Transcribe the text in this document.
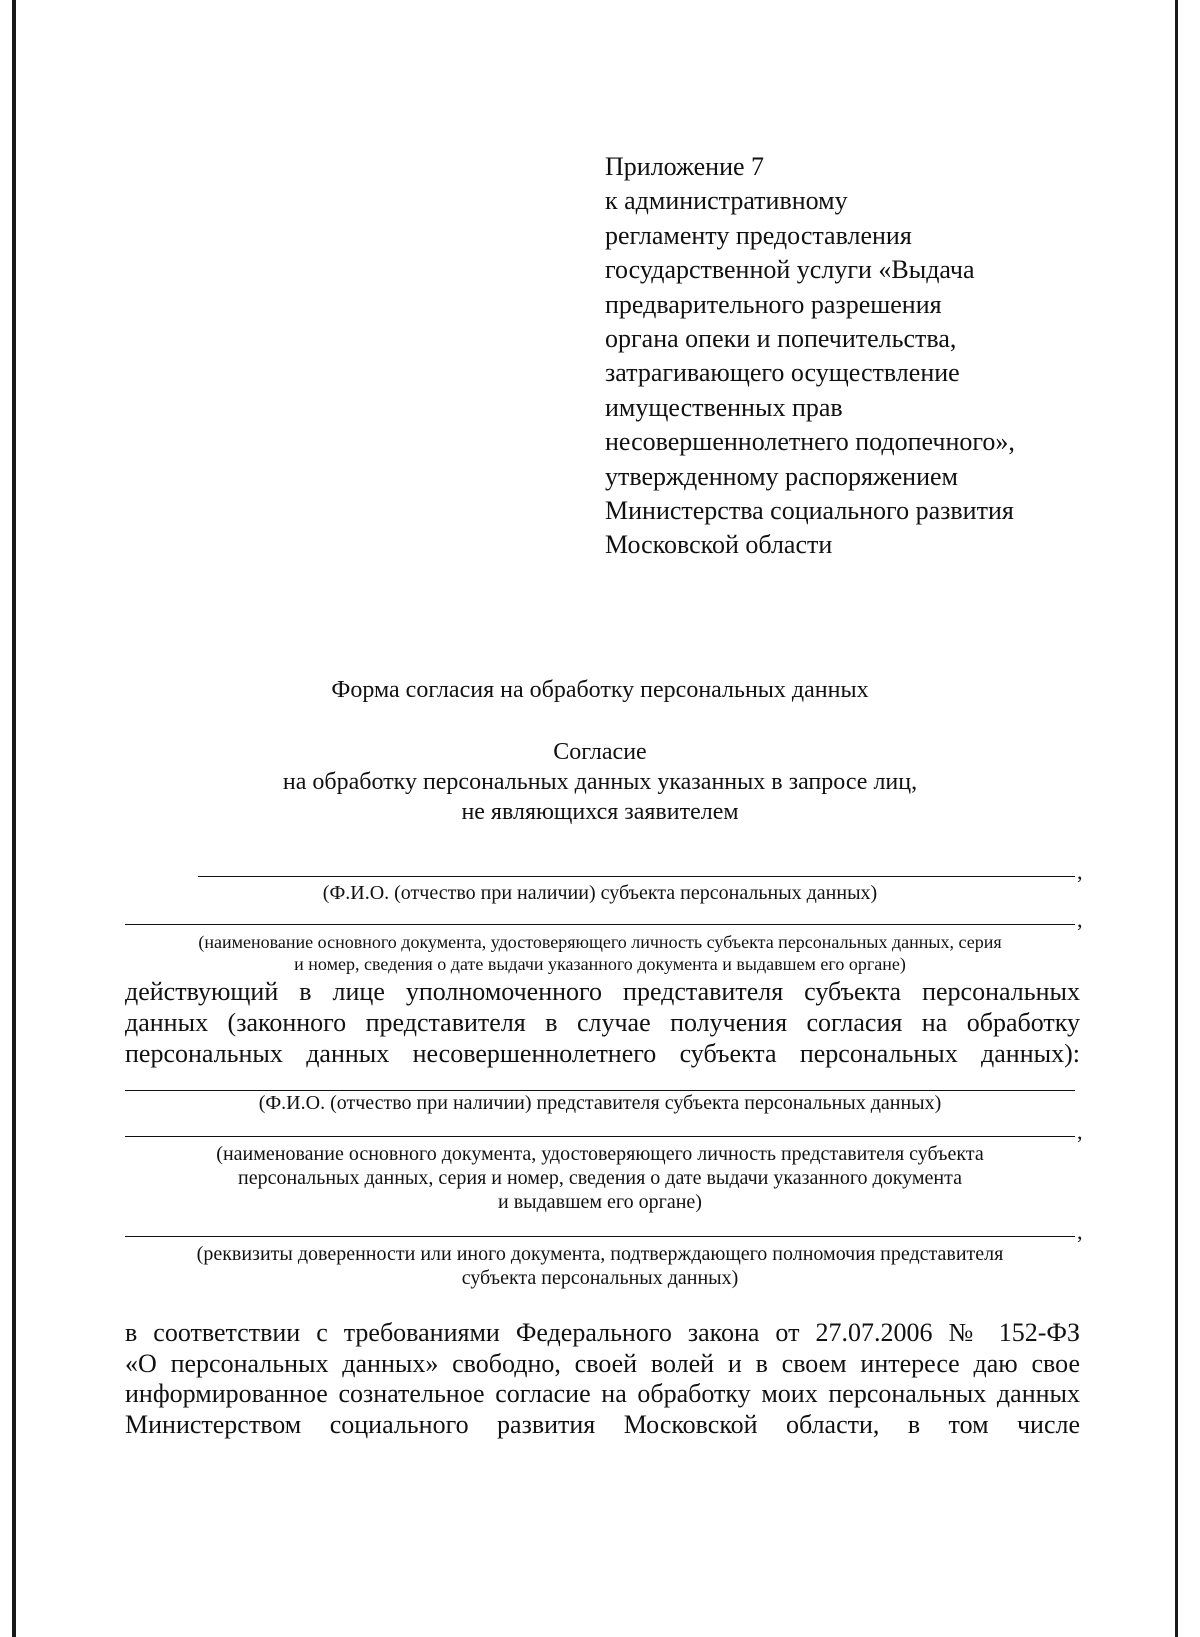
Приложение 7
к административному
регламенту предоставления
государственной услуги «Выдача
предварительного разрешения
органа опеки и попечительства,
затрагивающего осуществление
имущественных прав
несовершеннолетнего подопечного»,
утвержденному распоряжением
Министерства социального развития
Московской области
Форма согласия на обработку персональных данных
Согласие
на обработку персональных данных указанных в запросе лиц,
не являющихся заявителем
,
(Ф.И.О. (отчество при наличии) субъекта персональных данных)
,
(наименование основного документа, удостоверяющего личность субъекта персональных данных, серия
и номер, сведения о дате выдачи указанного документа и выдавшем его органе)
действующий в лице уполномоченного представителя субъекта персональных
данных (законного представителя в случае получения согласия на обработку
персональных данных несовершеннолетнего субъекта персональных данных):
(Ф.И.О. (отчество при наличии) представителя субъекта персональных данных)
,
(наименование основного документа, удостоверяющего личность представителя субъекта
персональных данных, серия и номер, сведения о дате выдачи указанного документа
и выдавшем его органе)
,
(реквизиты доверенности или иного документа, подтверждающего полномочия представителя
субъекта персональных данных)
в соответствии с требованиями Федерального закона от 27.07.2006 № 152-ФЗ
«О персональных данных» свободно, своей волей и в своем интересе даю свое
информированное сознательное согласие на обработку моих персональных данных
Министерством социального развития Московской области, в том числе
